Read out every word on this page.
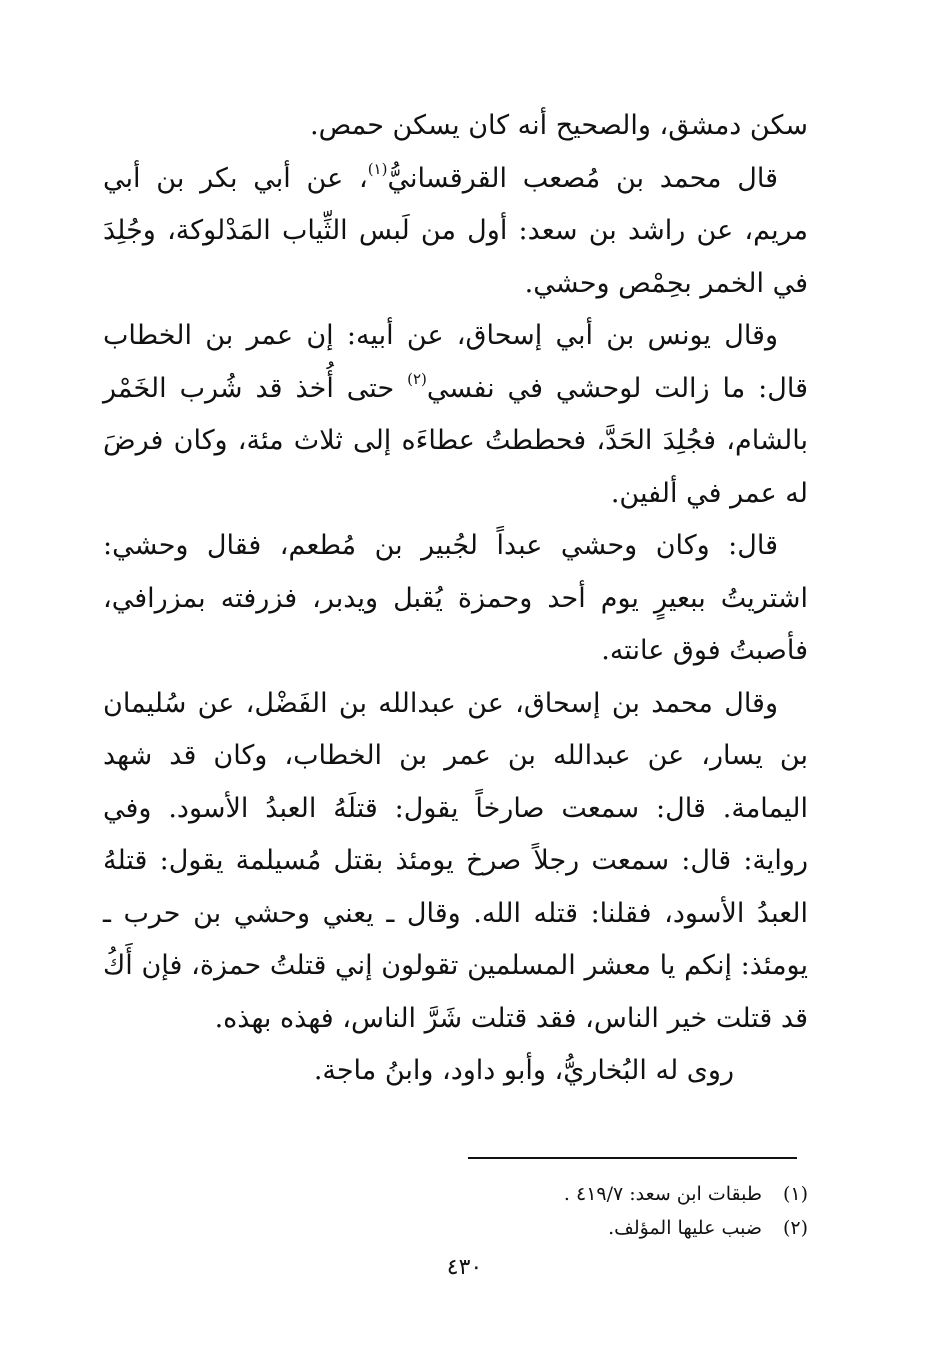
سكن دمشق، والصحيح أنه كان يسكن حمص.

قال محمد بن مُصعب القرقسانيُّ$^{(١)}$، عن أبي بكر بن أبي مريم، عن راشد بن سعد: أول من لَبس الثِّياب المَدْلوكة، وجُلِدَ في الخمر بحِمْص وحشي.

وقال يونس بن أبي إسحاق، عن أبيه: إن عمر بن الخطاب قال: ما زالت لوحشي في نفسي$^{(٢)}$ حتى أُخذ قد شُرب الخَمْر بالشام، فجُلِدَ الحَدَّ، فحططتُ عطاءَه إلى ثلاث مئة، وكان فرضَ له عمر في ألفين.

قال: وكان وحشي عبداً لجُبير بن مُطعم، فقال وحشي: اشتريتُ ببعيرٍ يوم أحد وحمزة يُقبل ويدبر، فزرفته بمزرافي، فأصبتُ فوق عانته.

وقال محمد بن إسحاق، عن عبدالله بن الفَضْل، عن سُليمان بن يسار، عن عبدالله بن عمر بن الخطاب، وكان قد شهد اليمامة. قال: سمعت صارخاً يقول: قتلَهُ العبدُ الأسود. وفي رواية: قال: سمعت رجلاً صرخ يومئذ بقتل مُسيلمة يقول: قتلهُ العبدُ الأسود، فقلنا: قتله الله. وقال ـ يعني وحشي بن حرب ـ يومئذ: إنكم يا معشر المسلمين تقولون إني قتلتُ حمزة، فإن أَكُ قد قتلت خير الناس، فقد قتلت شَرَّ الناس، فهذه بهذه.

روى له البُخاريُّ، وأبو داود، وابنُ ماجة.

(١)طبقات ابن سعد: ٤١٩/٧ .
(٢)ضبب عليها المؤلف.
٤٣٠
